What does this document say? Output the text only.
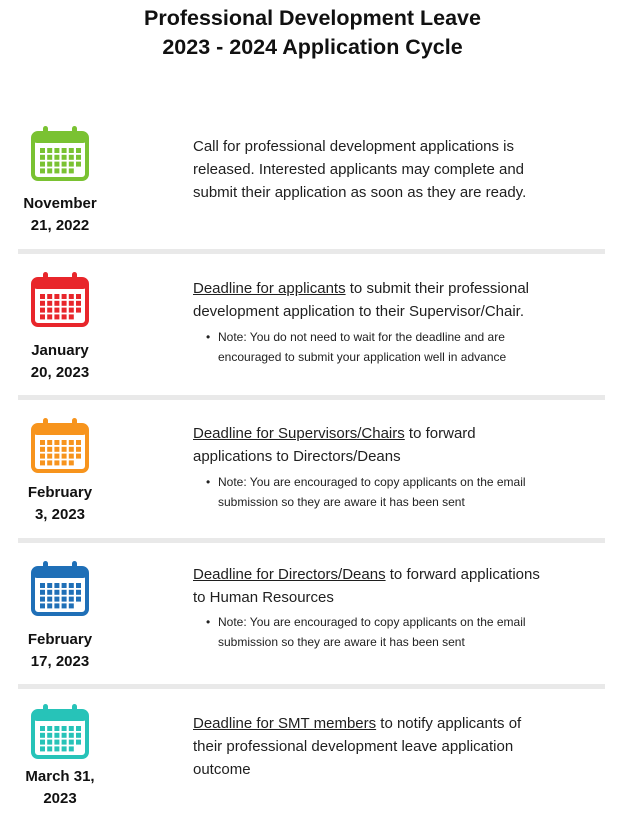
Professional Development Leave
2023 - 2024 Application Cycle
November
21, 2022
Call for professional development applications is
released. Interested applicants may complete and
submit their application as soon as they are ready.
January
20, 2023
Deadline for applicants to submit their professional
development application to their Supervisor/Chair.
• Note: You do not need to wait for the deadline and are
encouraged to submit your application well in advance
February
3, 2023
Deadline for Supervisors/Chairs to forward
applications to Directors/Deans
• Note: You are encouraged to copy applicants on the email
submission so they are aware it has been sent
February
17, 2023
Deadline for Directors/Deans to forward applications
to Human Resources
• Note: You are encouraged to copy applicants on the email
submission so they are aware it has been sent
March 31,
2023
Deadline for SMT members to notify applicants of
their professional development leave application
outcome
